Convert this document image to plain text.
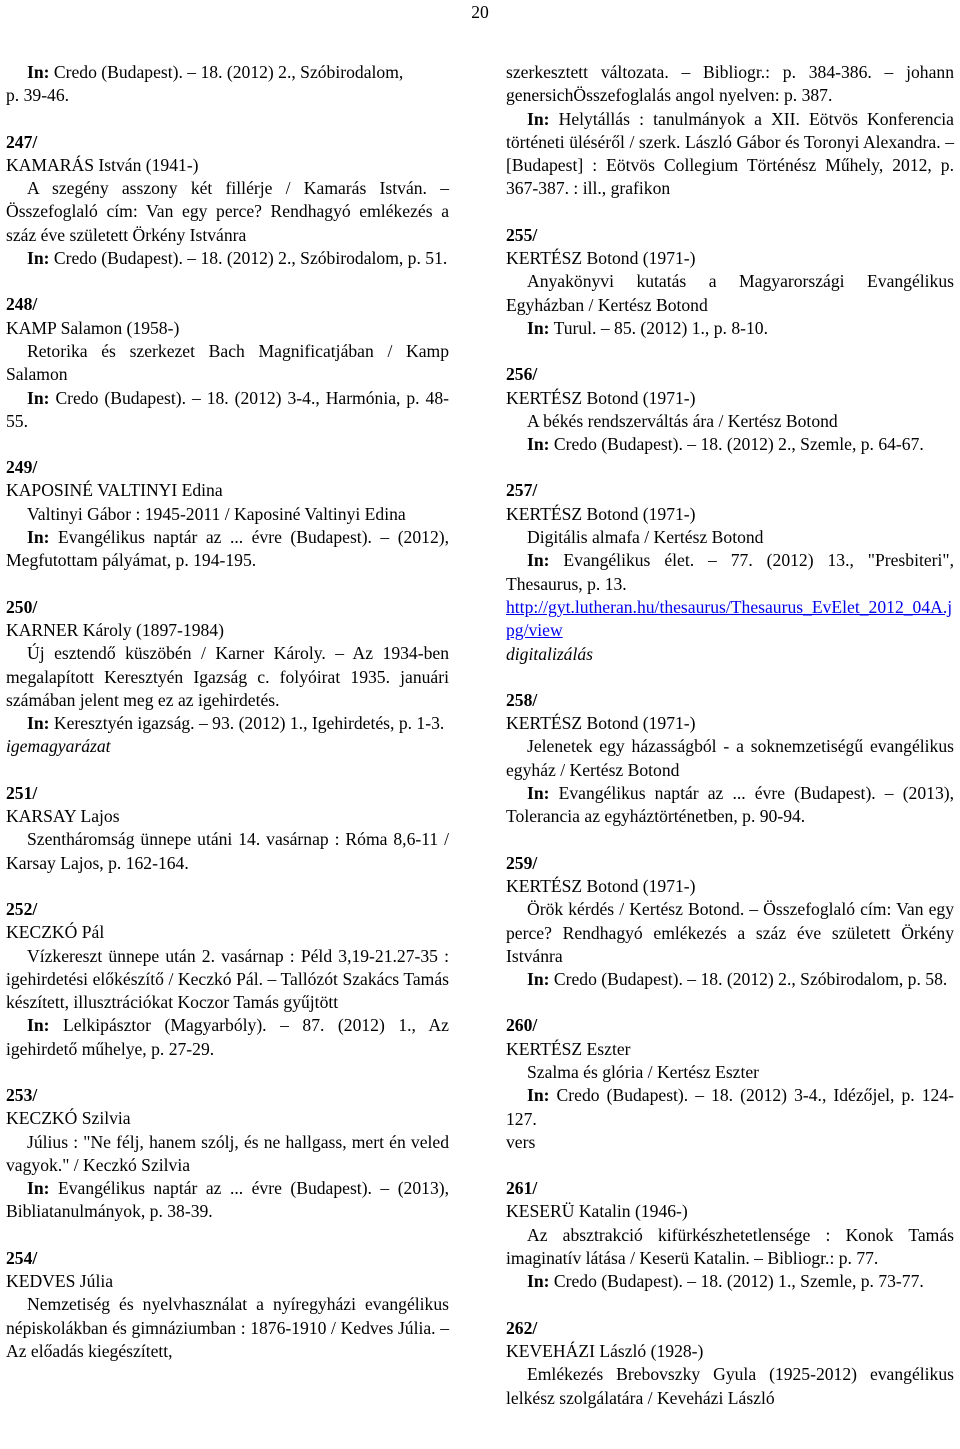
20

In: Credo (Budapest). – 18. (2012) 2., Szóbirodalom,

p. 39-46.

247/

KAMARÁS István (1941-)

A szegény asszony két fillérje / Kamarás István. – Összefoglaló cím: Van egy perce? Rendhagyó emlékezés a száz éve született Örkény Istvánra

In: Credo (Budapest). – 18. (2012) 2., Szóbirodalom, p. 51.

248/

KAMP Salamon (1958-)

Retorika és szerkezet Bach Magnificatjában / Kamp Salamon

In: Credo (Budapest). – 18. (2012) 3-4., Harmónia, p. 48-55.

249/

KAPOSINÉ VALTINYI Edina

Valtinyi Gábor : 1945-2011 / Kaposiné Valtinyi Edina

In: Evangélikus naptár az ... évre (Budapest). – (2012), Megfutottam pályámat, p. 194-195.

250/

KARNER Károly (1897-1984)

Új esztendő küszöbén / Karner Károly. – Az 1934-ben megalapított Keresztyén Igazság c. folyóirat 1935. januári számában jelent meg ez az igehirdetés.

In: Keresztyén igazság. – 93. (2012) 1., Igehirdetés, p. 1-3.

igemagyarázat

251/

KARSAY Lajos

Szentháromság ünnepe utáni 14. vasárnap : Róma 8,6-11 / Karsay Lajos, p. 162-164.

252/

KECZKÓ Pál

Vízkereszt ünnepe után 2. vasárnap : Péld 3,19-21.27-35 : igehirdetési előkészítő / Keczkó Pál. – Tallózót Szakács Tamás készített, illusztrációkat Koczor Tamás gyűjtött

In: Lelkipásztor (Magyarbóly). – 87. (2012) 1., Az igehirdető műhelye, p. 27-29.

253/

KECZKÓ Szilvia

Július : "Ne félj, hanem szólj, és ne hallgass, mert én veled vagyok." / Keczkó Szilvia

In: Evangélikus naptár az ... évre (Budapest). – (2013), Bibliatanulmányok, p. 38-39.

254/

KEDVES Júlia

Nemzetiség és nyelvhasználat a nyíregyházi evangélikus népiskolákban és gimnáziumban : 1876-1910 / Kedves Júlia. – Az előadás kiegészített,

szerkesztett változata. – Bibliogr.: p. 384-386. – johann genersichÖsszefoglalás angol nyelven: p. 387.

In: Helytállás : tanulmányok a XII. Eötvös Konferencia történeti üléséről / szerk. László Gábor és Toronyi Alexandra. – [Budapest] : Eötvös Collegium Történész Műhely, 2012, p. 367-387. : ill., grafikon

255/

KERTÉSZ Botond (1971-)

Anyakönyvi kutatás a Magyarországi Evangélikus Egyházban / Kertész Botond

In: Turul. – 85. (2012) 1., p. 8-10.

256/

KERTÉSZ Botond (1971-)

A békés rendszerváltás ára / Kertész Botond

In: Credo (Budapest). – 18. (2012) 2., Szemle, p. 64-67.

257/

KERTÉSZ Botond (1971-)

Digitális almafa / Kertész Botond

In: Evangélikus élet. – 77. (2012) 13., "Presbiteri", Thesaurus, p. 13.

http://gyt.lutheran.hu/thesaurus/Thesaurus_EvElet_2012_04A.jpg/view

digitalizálás

258/

KERTÉSZ Botond (1971-)

Jelenetek egy házasságból - a soknemzetiségű evangélikus egyház / Kertész Botond

In: Evangélikus naptár az ... évre (Budapest). – (2013), Tolerancia az egyháztörténetben, p. 90-94.

259/

KERTÉSZ Botond (1971-)

Örök kérdés / Kertész Botond. – Összefoglaló cím: Van egy perce? Rendhagyó emlékezés a száz éve született Örkény Istvánra

In: Credo (Budapest). – 18. (2012) 2., Szóbirodalom, p. 58.

260/

KERTÉSZ Eszter

Szalma és glória / Kertész Eszter

In: Credo (Budapest). – 18. (2012) 3-4., Idézőjel, p. 124-127.

vers

261/

KESERÜ Katalin (1946-)

Az absztrakció kifürkészhetetlensége : Konok Tamás imaginatív látása / Keserü Katalin. – Bibliogr.: p. 77.

In: Credo (Budapest). – 18. (2012) 1., Szemle, p. 73-77.

262/

KEVEHÁZI László (1928-)

Emlékezés Brebovszky Gyula (1925-2012) evangélikus lelkész szolgálatára / Keveházi László
